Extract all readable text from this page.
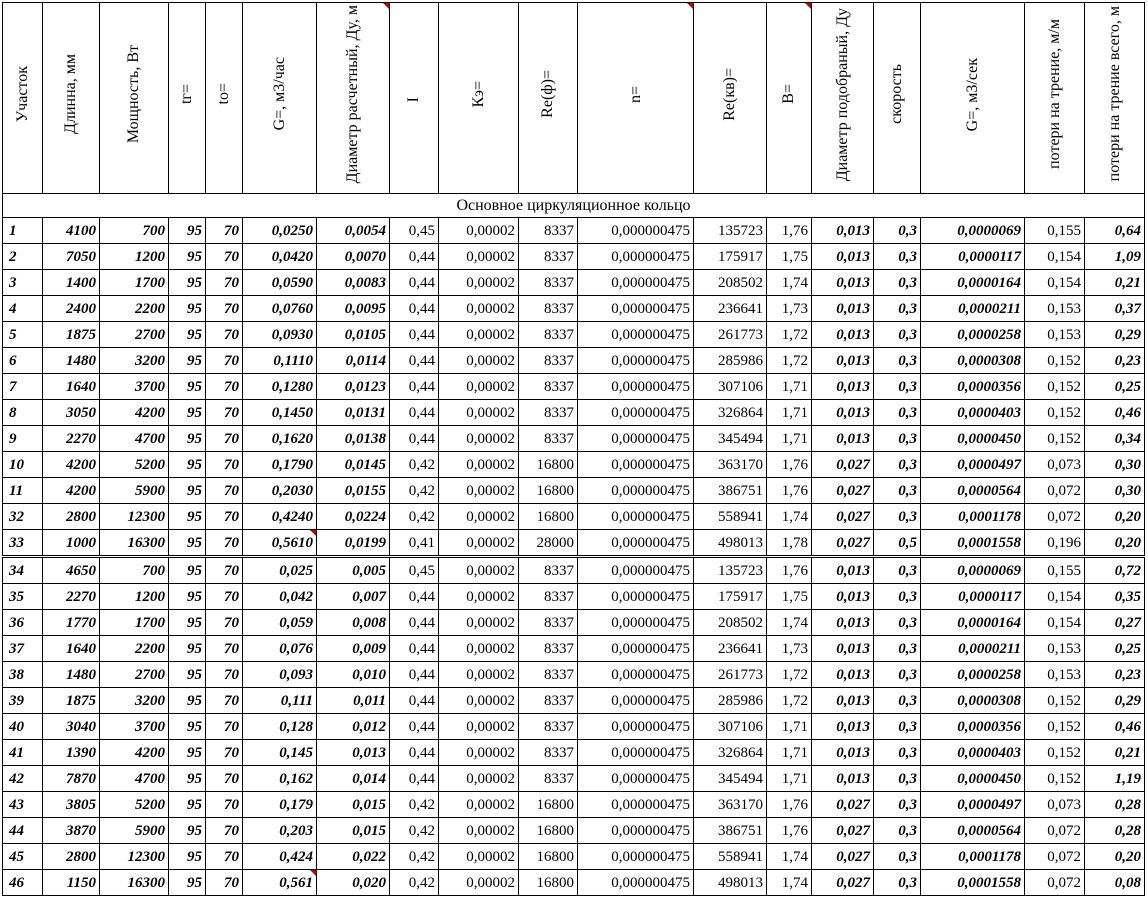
Участок	Длинна, мм	Мощность, Вт	tг=	tо=	G=, м3/час	Диаметр расчетный, Ду, м	I	Кэ=	Re(ф)=	n=	Re(кв)=	B=	Диаметр подобраный, Ду	скорость	G=, м3/сек	потери на трение, м/м	потери на трение всего, м
Основное циркуляционное кольцо																	
1	4100	700	95	70	0,0250	0,0054	0,45	0,00002	8337	0,000000475	135723	1,76	0,013	0,3	0,0000069	0,155	0,64
2	7050	1200	95	70	0,0420	0,0070	0,44	0,00002	8337	0,000000475	175917	1,75	0,013	0,3	0,0000117	0,154	1,09
3	1400	1700	95	70	0,0590	0,0083	0,44	0,00002	8337	0,000000475	208502	1,74	0,013	0,3	0,0000164	0,154	0,21
4	2400	2200	95	70	0,0760	0,0095	0,44	0,00002	8337	0,000000475	236641	1,73	0,013	0,3	0,0000211	0,153	0,37
5	1875	2700	95	70	0,0930	0,0105	0,44	0,00002	8337	0,000000475	261773	1,72	0,013	0,3	0,0000258	0,153	0,29
6	1480	3200	95	70	0,1110	0,0114	0,44	0,00002	8337	0,000000475	285986	1,72	0,013	0,3	0,0000308	0,152	0,23
7	1640	3700	95	70	0,1280	0,0123	0,44	0,00002	8337	0,000000475	307106	1,71	0,013	0,3	0,0000356	0,152	0,25
8	3050	4200	95	70	0,1450	0,0131	0,44	0,00002	8337	0,000000475	326864	1,71	0,013	0,3	0,0000403	0,152	0,46
9	2270	4700	95	70	0,1620	0,0138	0,44	0,00002	8337	0,000000475	345494	1,71	0,013	0,3	0,0000450	0,152	0,34
10	4200	5200	95	70	0,1790	0,0145	0,42	0,00002	16800	0,000000475	363170	1,76	0,027	0,3	0,0000497	0,073	0,30
11	4200	5900	95	70	0,2030	0,0155	0,42	0,00002	16800	0,000000475	386751	1,76	0,027	0,3	0,0000564	0,072	0,30
32	2800	12300	95	70	0,4240	0,0224	0,42	0,00002	16800	0,000000475	558941	1,74	0,027	0,3	0,0001178	0,072	0,20
33	1000	16300	95	70	0,5610	0,0199	0,41	0,00002	28000	0,000000475	498013	1,78	0,027	0,5	0,0001558	0,196	0,20
34	4650	700	95	70	0,025	0,005	0,45	0,00002	8337	0,000000475	135723	1,76	0,013	0,3	0,0000069	0,155	0,72
35	2270	1200	95	70	0,042	0,007	0,44	0,00002	8337	0,000000475	175917	1,75	0,013	0,3	0,0000117	0,154	0,35
36	1770	1700	95	70	0,059	0,008	0,44	0,00002	8337	0,000000475	208502	1,74	0,013	0,3	0,0000164	0,154	0,27
37	1640	2200	95	70	0,076	0,009	0,44	0,00002	8337	0,000000475	236641	1,73	0,013	0,3	0,0000211	0,153	0,25
38	1480	2700	95	70	0,093	0,010	0,44	0,00002	8337	0,000000475	261773	1,72	0,013	0,3	0,0000258	0,153	0,23
39	1875	3200	95	70	0,111	0,011	0,44	0,00002	8337	0,000000475	285986	1,72	0,013	0,3	0,0000308	0,152	0,29
40	3040	3700	95	70	0,128	0,012	0,44	0,00002	8337	0,000000475	307106	1,71	0,013	0,3	0,0000356	0,152	0,46
41	1390	4200	95	70	0,145	0,013	0,44	0,00002	8337	0,000000475	326864	1,71	0,013	0,3	0,0000403	0,152	0,21
42	7870	4700	95	70	0,162	0,014	0,44	0,00002	8337	0,000000475	345494	1,71	0,013	0,3	0,0000450	0,152	1,19
43	3805	5200	95	70	0,179	0,015	0,42	0,00002	16800	0,000000475	363170	1,76	0,027	0,3	0,0000497	0,073	0,28
44	3870	5900	95	70	0,203	0,015	0,42	0,00002	16800	0,000000475	386751	1,76	0,027	0,3	0,0000564	0,072	0,28
45	2800	12300	95	70	0,424	0,022	0,42	0,00002	16800	0,000000475	558941	1,74	0,027	0,3	0,0001178	0,072	0,20
46	1150	16300	95	70	0,561	0,020	0,42	0,00002	16800	0,000000475	498013	1,74	0,027	0,3	0,0001558	0,072	0,08
